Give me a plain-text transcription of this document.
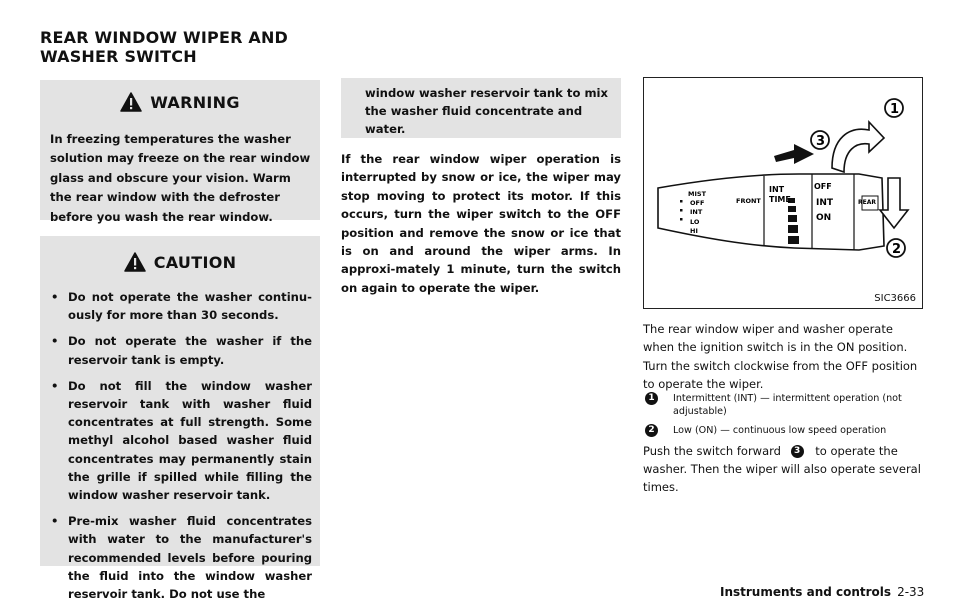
REAR WINDOW WIPER AND
WASHER SWITCH
WARNING
In freezing temperatures the washer solution may freeze on the rear window glass and obscure your vision. Warm the rear window with the defroster before you wash the rear window.
CAUTION
• Do not operate the washer continu-ously for more than 30 seconds.
• Do not operate the washer if the reservoir tank is empty.
• Do not fill the window washer reservoir tank with washer fluid concentrates at full strength. Some methyl alcohol based washer fluid concentrates may permanently stain the grille if spilled while filling the window washer reservoir tank.
• Pre-mix washer fluid concentrates with water to the manufacturer's recommended levels before pouring the fluid into the window washer reservoir tank. Do not use the
window washer reservoir tank to mix the washer fluid concentrate and water.
If the rear window wiper operation is interrupted by snow or ice, the wiper may stop moving to protect its motor. If this occurs, turn the wiper switch to the OFF position and remove the snow or ice that is on and around the wiper arms. In approxi-mately 1 minute, turn the switch on again to operate the wiper.
MIST
OFF
INT
LO
HI
FRONT
INT
TIME
OFF
INT
ON
REAR
1
3
2
SIC3666
The rear window wiper and washer operate when the ignition switch is in the ON position.
Turn the switch clockwise from the OFF position to operate the wiper.
1	Intermittent (INT) — intermittent operation (not adjustable)
2	Low (ON) — continuous low speed operation
Push the switch forward 3 to operate the washer. Then the wiper will also operate several times.
Instruments and controls 2-33
